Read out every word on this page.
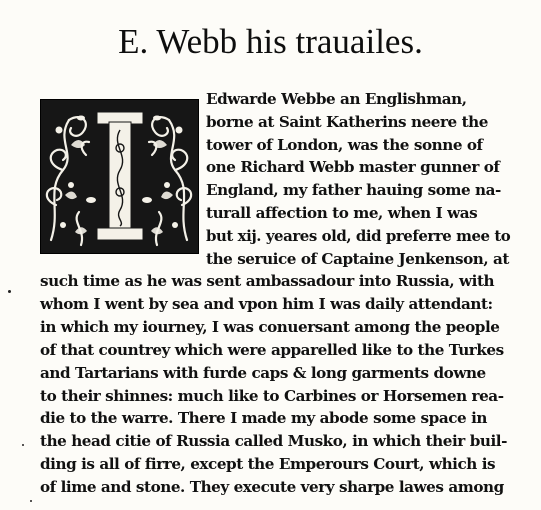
E. Webb his trauailes.
Edwarde Webbe an Englishman,
borne at Saint Katherins neere the
tower of London, was the sonne of
one Richard Webb master gunner of
England, my father hauing some na-
turall affection to me, when I was
but xij. yeares old, did preferre mee to
the seruice of Captaine Jenkenson, at
such time as he was sent ambassadour into Russia, with
whom I went by sea and vpon him I was daily attendant:
in which my iourney, I was conuersant among the people
of that countrey which were apparelled like to the Turkes
and Tartarians with furde caps & long garments downe
to their shinnes: much like to Carbines or Horsemen rea-
die to the warre. There I made my abode some space in
the head citie of Russia called Musko, in which their buil-
ding is all of firre, except the Emperours Court, which is
of lime and stone. They execute very sharpe lawes among
